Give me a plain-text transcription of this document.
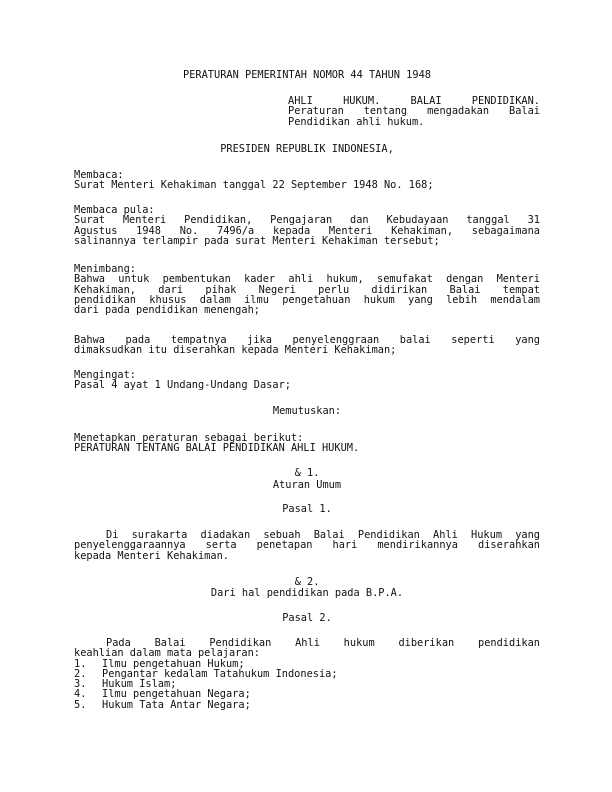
PERATURAN PEMERINTAH NOMOR 44 TAHUN 1948
AHLI HUKUM. BALAI PENDIDIKAN.
Peraturan tentang mengadakan Balai
Pendidikan ahli hukum.
PRESIDEN REPUBLIK INDONESIA,
Membaca:
Surat Menteri Kehakiman tanggal 22 September 1948 No. 168;
Membaca pula:
Surat Menteri Pendidikan, Pengajaran dan Kebudayaan tanggal 31
Agustus 1948 No. 7496/a kepada Menteri Kehakiman, sebagaimana
salinannya terlampir pada surat Menteri Kehakiman tersebut;
Menimbang:
Bahwa untuk pembentukan kader ahli hukum, semufakat dengan Menteri
Kehakiman, dari pihak Negeri perlu didirikan Balai tempat
pendidikan khusus dalam ilmu pengetahuan hukum yang lebih mendalam
dari pada pendidikan menengah;
Bahwa pada tempatnya jika penyelenggraan balai seperti yang
dimaksudkan itu diserahkan kepada Menteri Kehakiman;
Mengingat:
Pasal 4 ayat 1 Undang-Undang Dasar;
Memutuskan:
Menetapkan peraturan sebagai berikut:
PERATURAN TENTANG BALAI PENDIDIKAN AHLI HUKUM.
& 1.
Aturan Umum
Pasal 1.
Di surakarta diadakan sebuah Balai Pendidikan Ahli Hukum yang
penyelenggaraannya serta penetapan hari mendirikannya diserahkan
kepada Menteri Kehakiman.
& 2.
Dari hal pendidikan pada B.P.A.
Pasal 2.
Pada Balai Pendidikan Ahli hukum diberikan pendidikan
keahlian dalam mata pelajaran:
1.	Ilmu pengetahuan Hukum;
2.	Pengantar kedalam Tatahukum Indonesia;
3.	Hukum Islam;
4.	Ilmu pengetahuan Negara;
5.	Hukum Tata Antar Negara;
